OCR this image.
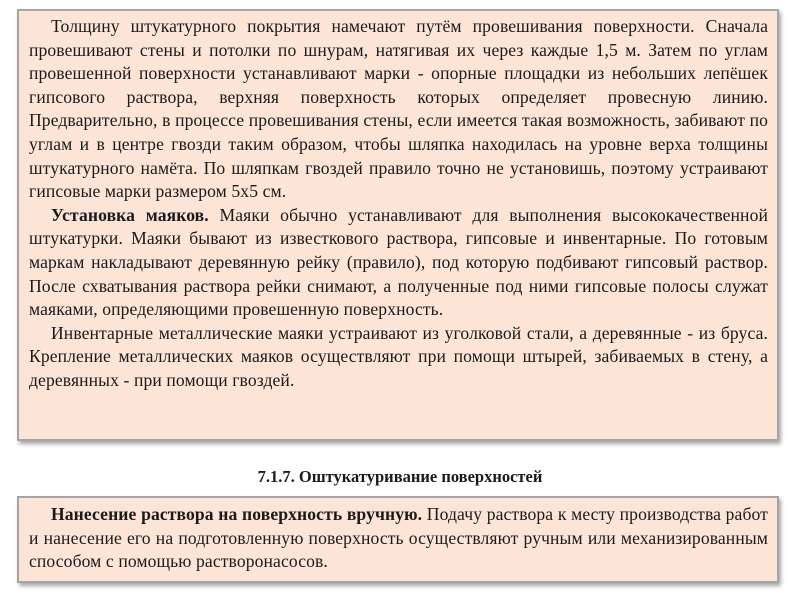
Толщину штукатурного покрытия намечают путём провешивания поверхности. Сначала провешивают стены и потолки по шнурам, натягивая их через каждые 1,5 м. Затем по углам провешенной поверхности устанавливают марки - опорные площадки из небольших лепёшек гипсового раствора, верхняя поверхность которых определяет провесную линию. Предварительно, в процессе провешивания стены, если имеется такая возможность, забивают по углам и в центре гвозди таким образом, чтобы шляпка находилась на уровне верха толщины штукатурного намёта. По шляпкам гвоздей правило точно не установишь, поэтому устраивают гипсовые марки размером 5х5 см.

Установка маяков. Маяки обычно устанавливают для выполнения высококачественной штукатурки. Маяки бывают из известкового раствора, гипсовые и инвентарные. По готовым маркам накладывают деревянную рейку (правило), под которую подбивают гипсовый раствор. После схватывания раствора рейки снимают, а полученные под ними гипсовые полосы служат маяками, определяющими провешенную поверхность.

Инвентарные металлические маяки устраивают из уголковой стали, а деревянные - из бруса. Крепление металлических маяков осуществляют при помощи штырей, забиваемых в стену, а деревянных - при помощи гвоздей.

7.1.7. Оштукатуривание поверхностей

Нанесение раствора на поверхность вручную. Подачу раствора к месту производства работ и нанесение его на подготовленную поверхность осуществляют ручным или механизированным способом с помощью растворонасосов.
